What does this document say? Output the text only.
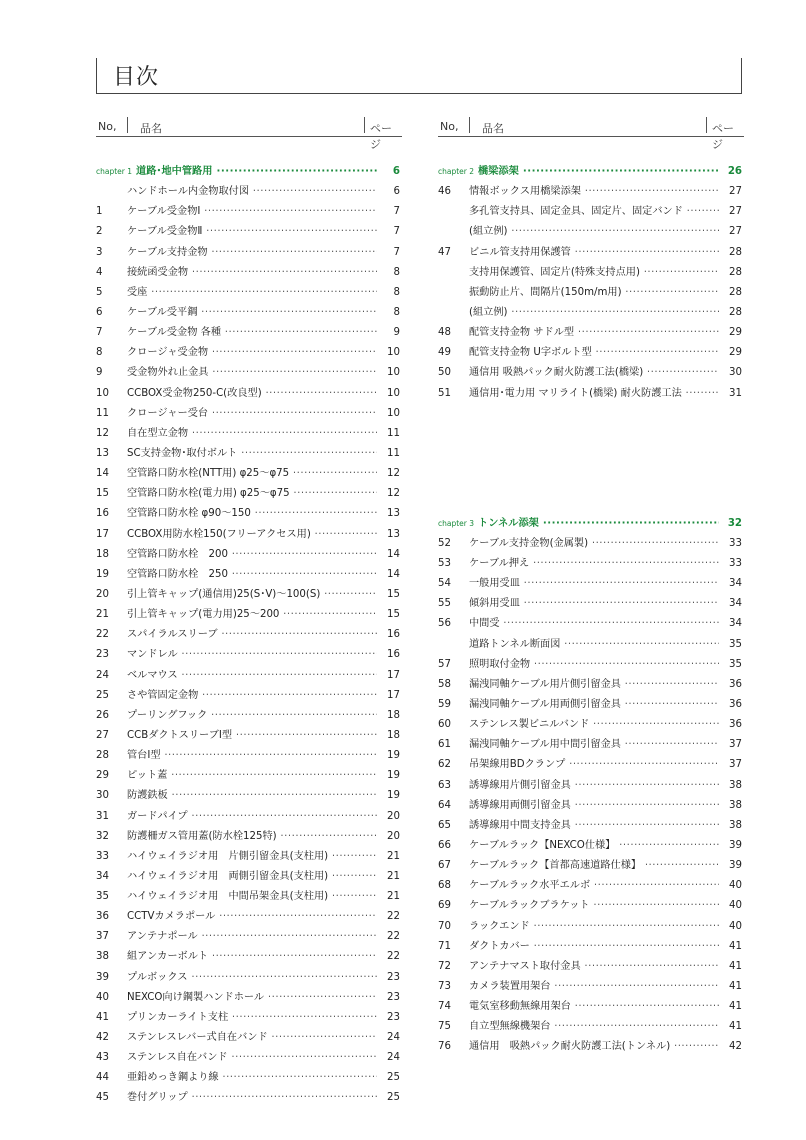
目次
No, 品名	ページ
chapter 1 道路･地中管路用 ·····	6
ハンドホール内金物取付図 ·····	6
1	ケーブル受金物Ⅰ ·····	7
2	ケーブル受金物Ⅱ ·····	7
3	ケーブル支持金物 ·····	7
4	接続函受金物 ·····	8
5	受座 ·····	8
6	ケーブル受平鋼 ·····	8
7	ケーブル受金物 各種 ·····	9
8	クロージャ受金物 ·····	10
9	受金物外れ止金具 ·····	10
10	CCBOX受金物250-C(改良型) ·····	10
11	クロージャー受台 ·····	10
12	自在型立金物 ·····	11
13	SC支持金物･取付ボルト ·····	11
14	空管路口防水栓(NTT用) φ25〜φ75 ·····	12
15	空管路口防水栓(電力用) φ25〜φ75 ·····	12
16	空管路口防水栓 φ90〜150 ·····	13
17	CCBOX用防水栓150(フリーアクセス用) ·····	13
18	空管路口防水栓　200 ·····	14
19	空管路口防水栓　250 ·····	14
20	引上管キャップ(通信用)25(S･V)〜100(S) ·····	15
21	引上管キャップ(電力用)25〜200 ·····	15
22	スパイラルスリーブ ·····	16
23	マンドレル ·····	16
24	ベルマウス ·····	17
25	さや管固定金物 ·····	17
26	プーリングフック ·····	18
27	CCBダクトスリーブⅠ型 ·····	18
28	管台Ⅰ型 ·····	19
29	ピット蓋 ·····	19
30	防護鉄板 ·····	19
31	ガードパイプ ·····	20
32	防護柵ガス管用蓋(防水栓125特) ·····	20
33	ハイウェイラジオ用　片側引留金具(支柱用) ·····	21
34	ハイウェイラジオ用　両側引留金具(支柱用) ·····	21
35	ハイウェイラジオ用　中間吊架金具(支柱用) ·····	21
36	CCTVカメラポール ·····	22
37	アンテナポール ·····	22
38	組アンカーボルト ·····	22
39	プルボックス ·····	23
40	NEXCO向け鋼製ハンドホール ·····	23
41	プリンカーライト支柱 ·····	23
42	ステンレスレバー式自在バンド ·····	24
43	ステンレス自在バンド ·····	24
44	亜鉛めっき鋼より線 ·····	25
45	巻付グリップ ·····	25
No, 品名	ページ
chapter 2 橋梁添架 ·····	26
46	情報ボックス用橋梁添架 ·····	27
多孔管支持具、固定金具、固定片、固定バンド ·····	27
(組立例) ·····	27
47	ビニル管支持用保護管 ·····	28
支持用保護管、固定片(特殊支持点用) ·····	28
振動防止片、間隔片(150m/m用) ·····	28
(組立例) ·····	28
48	配管支持金物 サドル型 ·····	29
49	配管支持金物 U字ボルト型 ·····	29
50	通信用 吸熱パック耐火防護工法(橋梁) ·····	30
51	通信用･電力用 マリライト(橋梁) 耐火防護工法 ·····	31
chapter 3 トンネル添架 ·····	32
52	ケーブル支持金物(金属製) ·····	33
53	ケーブル押え ·····	33
54	一般用受皿 ·····	34
55	傾斜用受皿 ·····	34
56	中間受 ·····	34
道路トンネル断面図 ·····	35
57	照明取付金物 ·····	35
58	漏洩同軸ケーブル用片側引留金具 ·····	36
59	漏洩同軸ケーブル用両側引留金具 ·····	36
60	ステンレス製ビニルバンド ·····	36
61	漏洩同軸ケーブル用中間引留金具 ·····	37
62	吊架線用BDクランプ ·····	37
63	誘導線用片側引留金具 ·····	38
64	誘導線用両側引留金具 ·····	38
65	誘導線用中間支持金具 ·····	38
66	ケーブルラック【NEXCO仕様】 ·····	39
67	ケーブルラック【首都高速道路仕様】 ·····	39
68	ケーブルラック水平エルボ ·····	40
69	ケーブルラックブラケット ·····	40
70	ラックエンド ·····	40
71	ダクトカバー ·····	41
72	アンテナマスト取付金具 ·····	41
73	カメラ装置用架台 ·····	41
74	電気室移動無線用架台 ·····	41
75	自立型無線機架台 ·····	41
76	通信用　吸熱パック耐火防護工法(トンネル) ·····	42
